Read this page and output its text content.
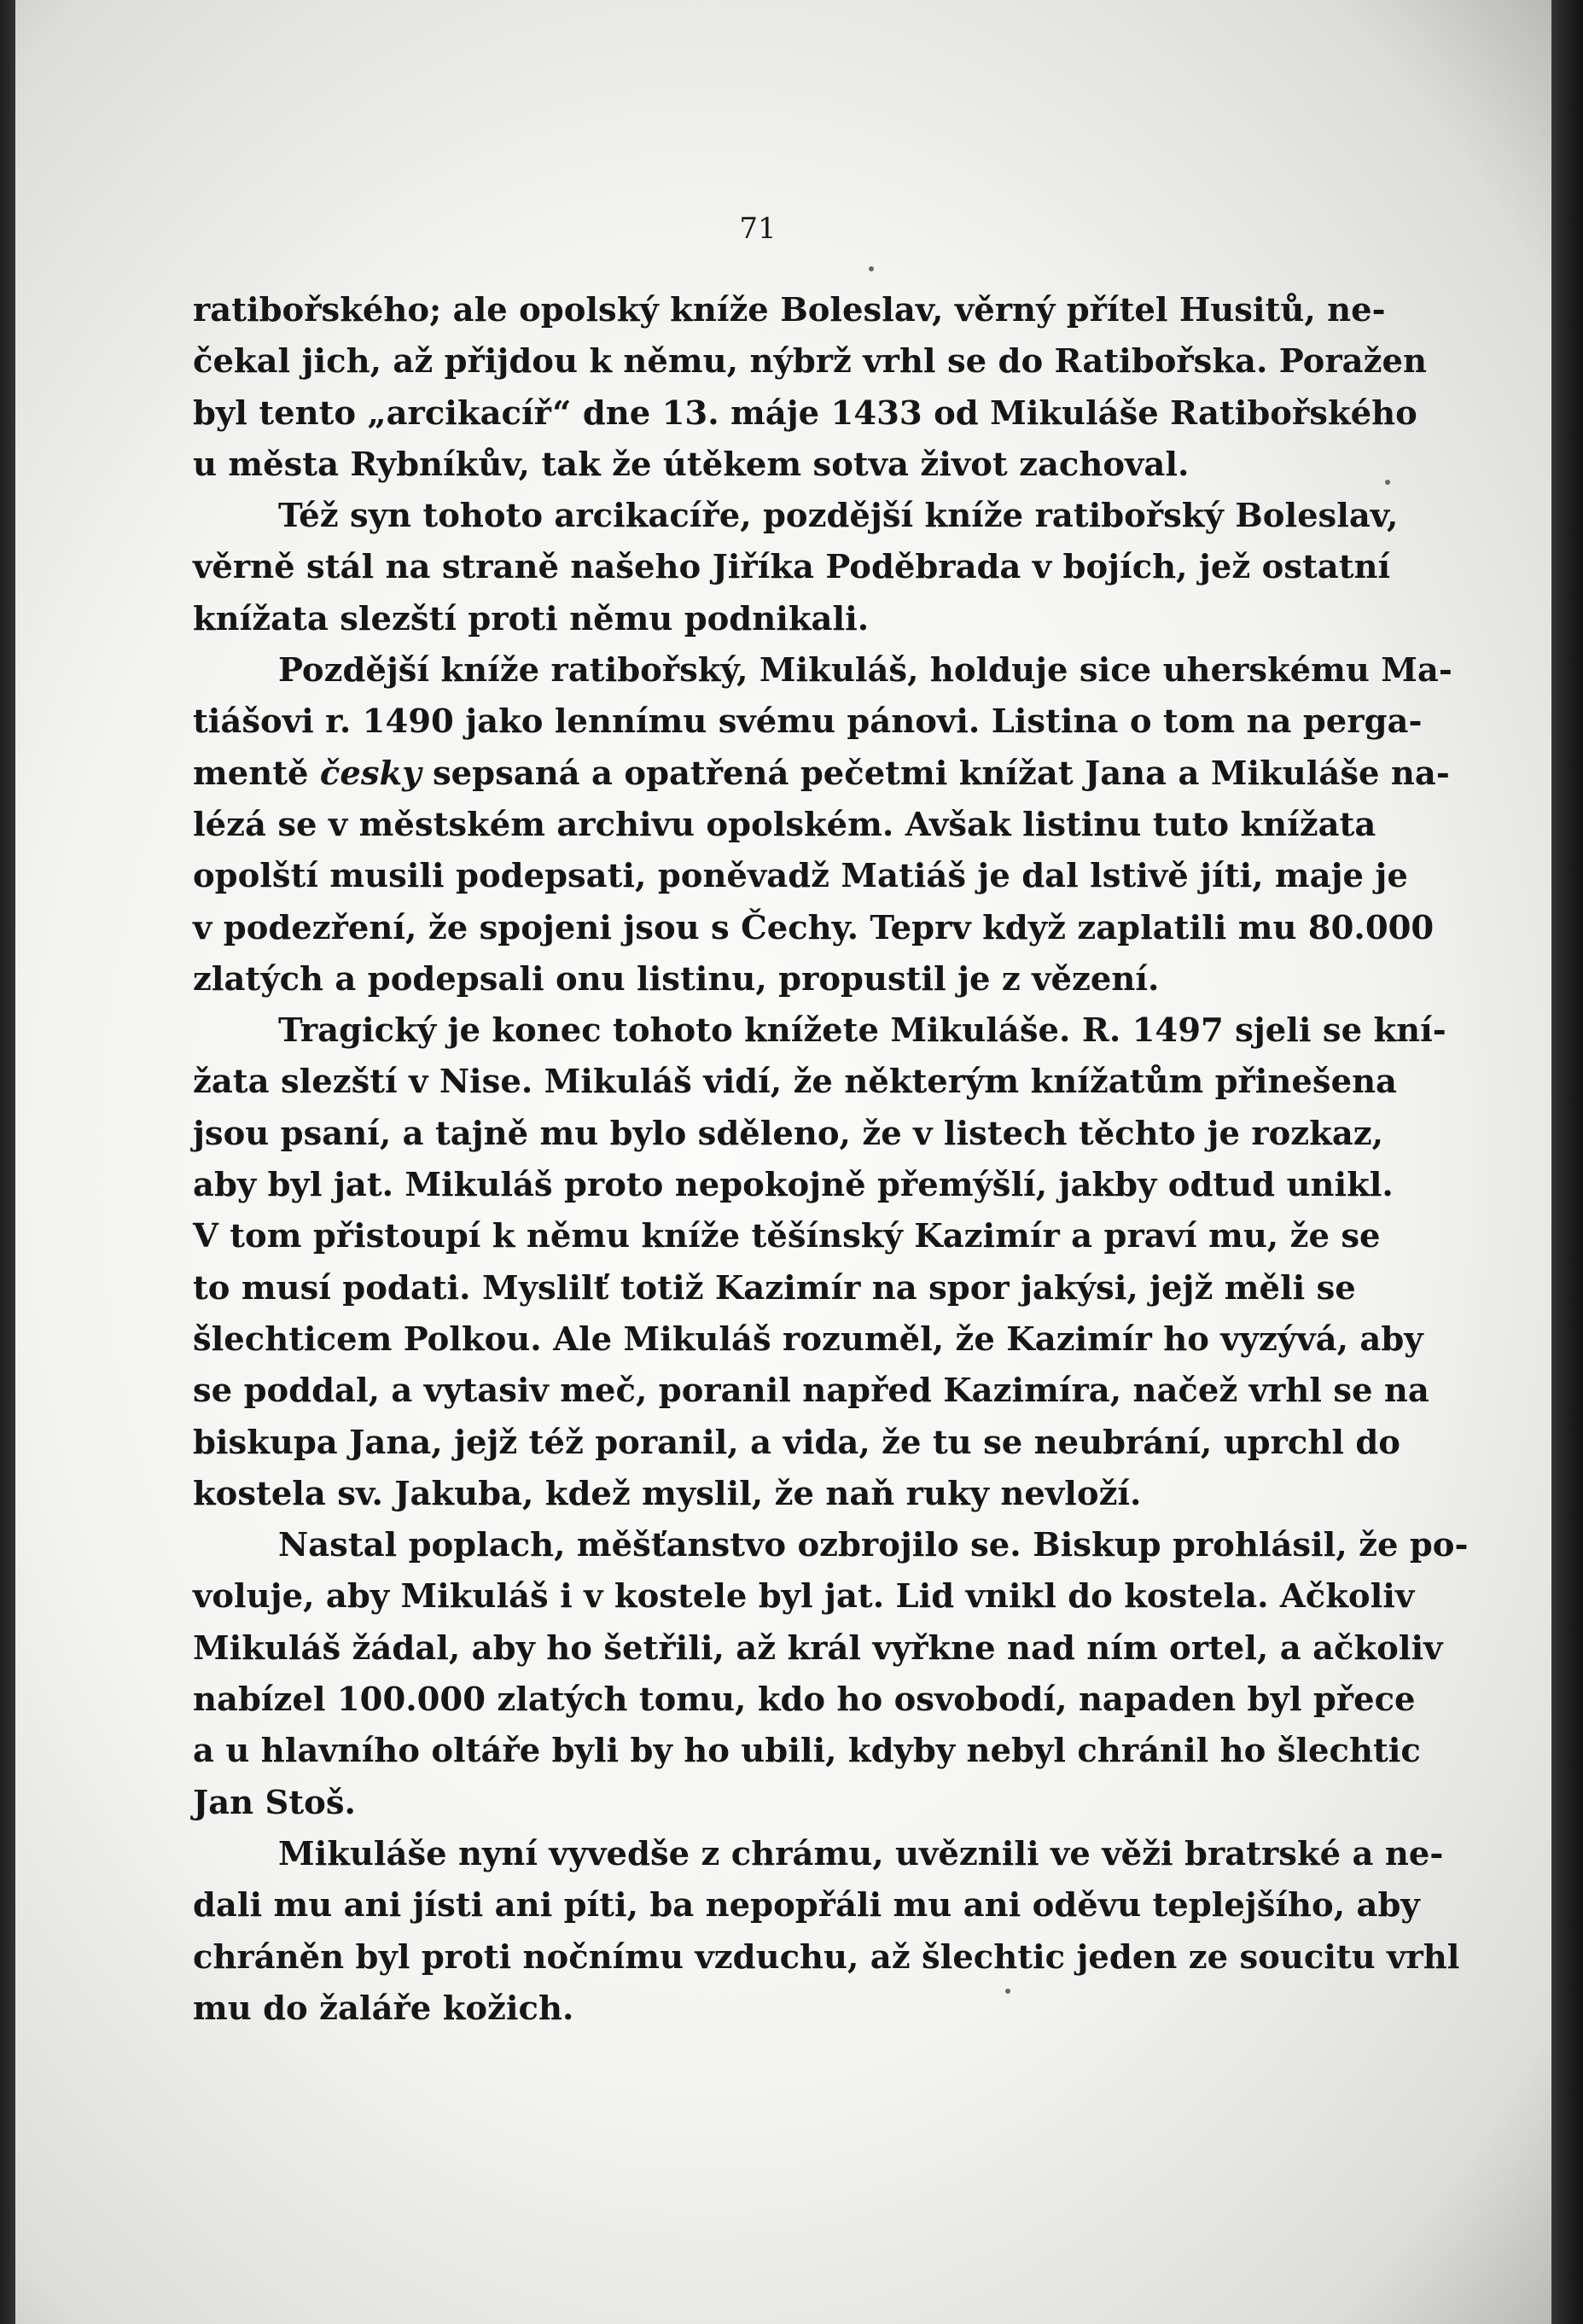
71
ratibořského; ale opolský kníže Boleslav, věrný přítel Husitů, ne-
čekal jich, až přijdou k němu, nýbrž vrhl se do Ratibořska. Poražen
byl tento „arcikacíř“ dne 13. máje 1433 od Mikuláše Ratibořského
u města Rybníkův, tak že útěkem sotva život zachoval.
Též syn tohoto arcikacíře, pozdější kníže ratibořský Boleslav,
věrně stál na straně našeho Jiříka Poděbrada v bojích, jež ostatní
knížata slezští proti němu podnikali.
Pozdější kníže ratibořský, Mikuláš, holduje sice uherskému Ma-
tiášovi r. 1490 jako lennímu svému pánovi. Listina o tom na perga-
mentě česky sepsaná a opatřená pečetmi knížat Jana a Mikuláše na-
lézá se v městském archivu opolském. Avšak listinu tuto knížata
opolští musili podepsati, poněvadž Matiáš je dal lstivě jíti, maje je
v podezření, že spojeni jsou s Čechy. Teprv když zaplatili mu 80.000
zlatých a podepsali onu listinu, propustil je z vězení.
Tragický je konec tohoto knížete Mikuláše. R. 1497 sjeli se kní-
žata slezští v Nise. Mikuláš vidí, že některým knížatům přinešena
jsou psaní, a tajně mu bylo sděleno, že v listech těchto je rozkaz,
aby byl jat. Mikuláš proto nepokojně přemýšlí, jakby odtud unikl.
V tom přistoupí k němu kníže těšínský Kazimír a praví mu, že se
to musí podati. Myslilť totiž Kazimír na spor jakýsi, jejž měli se
šlechticem Polkou. Ale Mikuláš rozuměl, že Kazimír ho vyzývá, aby
se poddal, a vytasiv meč, poranil napřed Kazimíra, načež vrhl se na
biskupa Jana, jejž též poranil, a vida, že tu se neubrání, uprchl do
kostela sv. Jakuba, kdež myslil, že naň ruky nevloží.
Nastal poplach, měšťanstvo ozbrojilo se. Biskup prohlásil, že po-
voluje, aby Mikuláš i v kostele byl jat. Lid vnikl do kostela. Ačkoliv
Mikuláš žádal, aby ho šetřili, až král vyřkne nad ním ortel, a ačkoliv
nabízel 100.000 zlatých tomu, kdo ho osvobodí, napaden byl přece
a u hlavního oltáře byli by ho ubili, kdyby nebyl chránil ho šlechtic
Jan Stoš.
Mikuláše nyní vyvedše z chrámu, uvěznili ve věži bratrské a ne-
dali mu ani jísti ani píti, ba nepopřáli mu ani oděvu teplejšího, aby
chráněn byl proti nočnímu vzduchu, až šlechtic jeden ze soucitu vrhl
mu do žaláře kožich.
